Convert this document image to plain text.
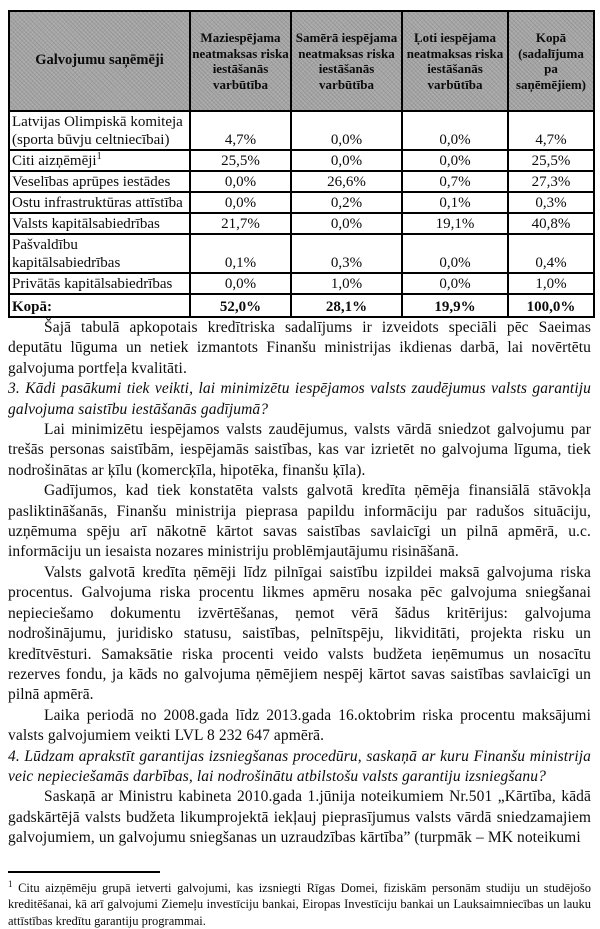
Galvojumu saņēmēji	Maziespējama neatmaksas riska iestāšanās varbūtība	Samērā iespējama neatmaksas riska iestāšanās varbūtība	Ļoti iespējama neatmaksas riska iestāšanās varbūtība	Kopā (sadalījuma pa saņēmējiem)
Latvijas Olimpiskā komiteja (sporta būvju celtniecībai)	4,7%	0,0%	0,0%	4,7%
Citi aizņēmēji$^1$	25,5%	0,0%	0,0%	25,5%
Veselības aprūpes iestādes	0,0%	26,6%	0,7%	27,3%
Ostu infrastruktūras attīstība	0,0%	0,2%	0,1%	0,3%
Valsts kapitālsabiedrības	21,7%	0,0%	19,1%	40,8%
Pašvaldību kapitālsabiedrības	0,1%	0,3%	0,0%	0,4%
Privātās kapitālsabiedrības	0,0%	1,0%	0,0%	1,0%
Kopā:	52,0%	28,1%	19,9%	100,0%

Šajā tabulā apkopotais kredītriska sadalījums ir izveidots speciāli pēc Saeimas deputātu lūguma un netiek izmantots Finanšu ministrijas ikdienas darbā, lai novērtētu galvojuma portfeļa kvalitāti.

3. Kādi pasākumi tiek veikti, lai minimizētu iespējamos valsts zaudējumus valsts garantiju galvojuma saistību iestāšanās gadījumā?

Lai minimizētu iespējamos valsts zaudējumus, valsts vārdā sniedzot galvojumu par trešās personas saistībām, iespējamās saistības, kas var izrietēt no galvojuma līguma, tiek nodrošinātas ar ķīlu (komercķīla, hipotēka, finanšu ķīla).

Gadījumos, kad tiek konstatēta valsts galvotā kredīta ņēmēja finansiālā stāvokļa pasliktināšanās, Finanšu ministrija pieprasa papildu informāciju par radušos situāciju, uzņēmuma spēju arī nākotnē kārtot savas saistības savlaicīgi un pilnā apmērā, u.c. informāciju un iesaista nozares ministriju problēmjautājumu risināšanā.

Valsts galvotā kredīta ņēmēji līdz pilnīgai saistību izpildei maksā galvojuma riska procentus. Galvojuma riska procentu likmes apmēru nosaka pēc galvojuma sniegšanai nepieciešamo dokumentu izvērtēšanas, ņemot vērā šādus kritērijus: galvojuma nodrošinājumu, juridisko statusu, saistības, pelnītspēju, likviditāti, projekta risku un kredītvēsturi. Samaksātie riska procenti veido valsts budžeta ieņēmumus un nosacītu rezerves fondu, ja kāds no galvojuma ņēmējiem nespēj kārtot savas saistības savlaicīgi un pilnā apmērā.

Laika periodā no 2008.gada līdz 2013.gada 16.oktobrim riska procentu maksājumi valsts galvojumiem veikti LVL 8 232 647 apmērā.

4. Lūdzam aprakstīt garantijas izsniegšanas procedūru, saskaņā ar kuru Finanšu ministrija veic nepieciešamās darbības, lai nodrošinātu atbilstošu valsts garantiju izsniegšanu?

Saskaņā ar Ministru kabineta 2010.gada 1.jūnija noteikumiem Nr.501 „Kārtība, kādā gadskārtējā valsts budžeta likumprojektā iekļauj pieprasījumus valsts vārdā sniedzamajiem galvojumiem, un galvojumu sniegšanas un uzraudzības kārtība” (turpmāk – MK noteikumi

$^1$ Citu aizņēmēju grupā ietverti galvojumi, kas izsniegti Rīgas Domei, fiziskām personām studiju un studējošo kreditēšanai, kā arī galvojumi Ziemeļu investīciju bankai, Eiropas Investīciju bankai un Lauksaimniecības un lauku attīstības kredītu garantiju programmai.
